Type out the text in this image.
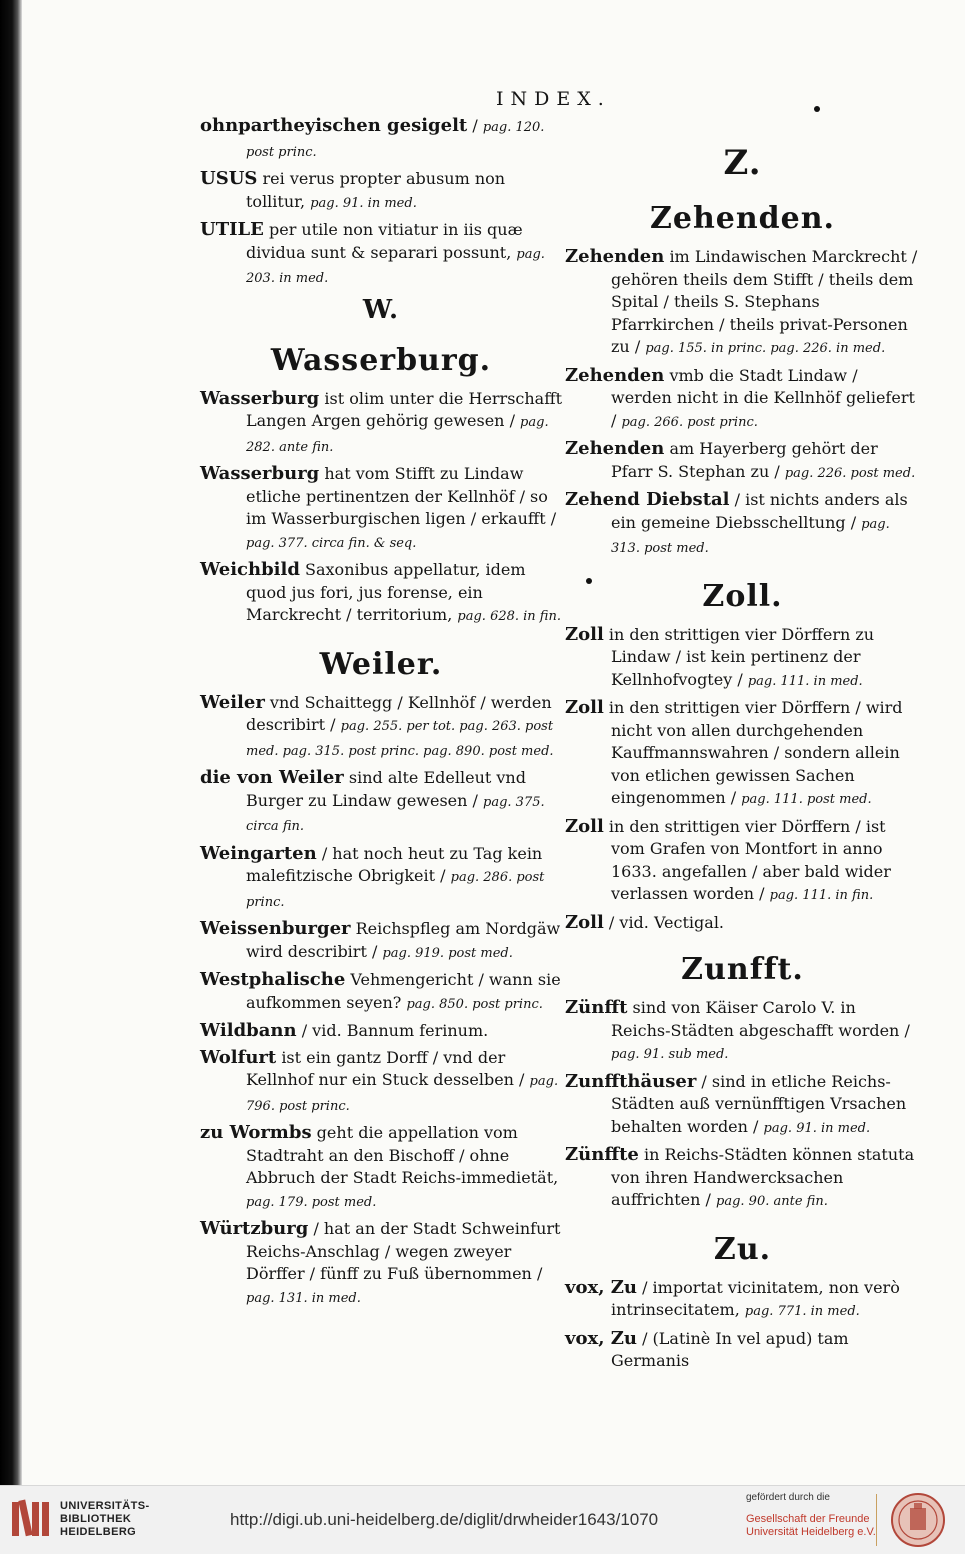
INDEX.
ohnpartheyischen gesigelt / pag. 120. post princ.
USUS rei verus propter abusum non tollitur, pag. 91. in med.
UTILE per utile non vitiatur in iis quæ dividua sunt & separari possunt, pag. 203. in med.
W.
Wasserburg.
Wasserburg ist olim unter die Herrschafft Langen Argen gehörig gewesen / pag. 282. ante fin.
Wasserburg hat vom Stifft zu Lindaw etliche pertinentzen der Kellnhöf / so im Wasserburgischen ligen / erkaufft / pag. 377. circa fin. & seq.
Weichbild Saxonibus appellatur, idem quod jus fori, jus forense, ein Marckrecht / territorium, pag. 628. in fin.
Weiler.
Weiler vnd Schaittegg / Kellnhöf / werden describirt / pag. 255. per tot. pag. 263. post med. pag. 315. post princ. pag. 890. post med.
die von Weiler sind alte Edelleut vnd Burger zu Lindaw gewesen / pag. 375. circa fin.
Weingarten / hat noch heut zu Tag kein malefitzische Obrigkeit / pag. 286. post princ.
Weissenburger Reichspfleg am Nordgäw wird describirt / pag. 919. post med.
Westphalische Vehmengericht / wann sie aufkommen seyen? pag. 850. post princ.
Wildbann / vid. Bannum ferinum.
Wolfurt ist ein gantz Dorff / vnd der Kellnhof nur ein Stuck desselben / pag. 796. post princ.
zu Wormbs geht die appellation vom Stadtraht an den Bischoff / ohne Abbruch der Stadt Reichs-immedietät, pag. 179. post med.
Würtzburg / hat an der Stadt Schweinfurt Reichs-Anschlag / wegen zweyer Dörffer / fünff zu Fuß übernommen / pag. 131. in med.
Z.
Zehenden.
Zehenden im Lindawischen Marckrecht / gehören theils dem Stifft / theils dem Spital / theils S. Stephans Pfarrkirchen / theils privat-Personen zu / pag. 155. in princ. pag. 226. in med.
Zehenden vmb die Stadt Lindaw / werden nicht in die Kellnhöf geliefert / pag. 266. post princ.
Zehenden am Hayerberg gehört der Pfarr S. Stephan zu / pag. 226. post med.
Zehend Diebstal / ist nichts anders als ein gemeine Diebsschelltung / pag. 313. post med.
Zoll.
Zoll in den strittigen vier Dörffern zu Lindaw / ist kein pertinenz der Kellnhofvogtey / pag. 111. in med.
Zoll in den strittigen vier Dörffern / wird nicht von allen durchgehenden Kauffmannswahren / sondern allein von etlichen gewissen Sachen eingenommen / pag. 111. post med.
Zoll in den strittigen vier Dörffern / ist vom Grafen von Montfort in anno 1633. angefallen / aber bald wider verlassen worden / pag. 111. in fin.
Zoll / vid. Vectigal.
Zunfft.
Zünfft sind von Käiser Carolo V. in Reichs-Städten abgeschafft worden / pag. 91. sub med.
Zunffthäuser / sind in etliche Reichs-Städten auß vernünfftigen Vrsachen behalten worden / pag. 91. in med.
Zünffte in Reichs-Städten können statuta von ihren Handwercksachen auffrichten / pag. 90. ante fin.
Zu.
vox, Zu / importat vicinitatem, non verò intrinsecitatem, pag. 771. in med.
vox, Zu / (Latinè In vel apud) tam Germanis
UNIVERSITÄTS-
BIBLIOTHEK
HEIDELBERG
http://digi.ub.uni-heidelberg.de/diglit/drwheider1643/1070
gefördert durch die
Gesellschaft der Freunde
Universität Heidelberg e.V.
